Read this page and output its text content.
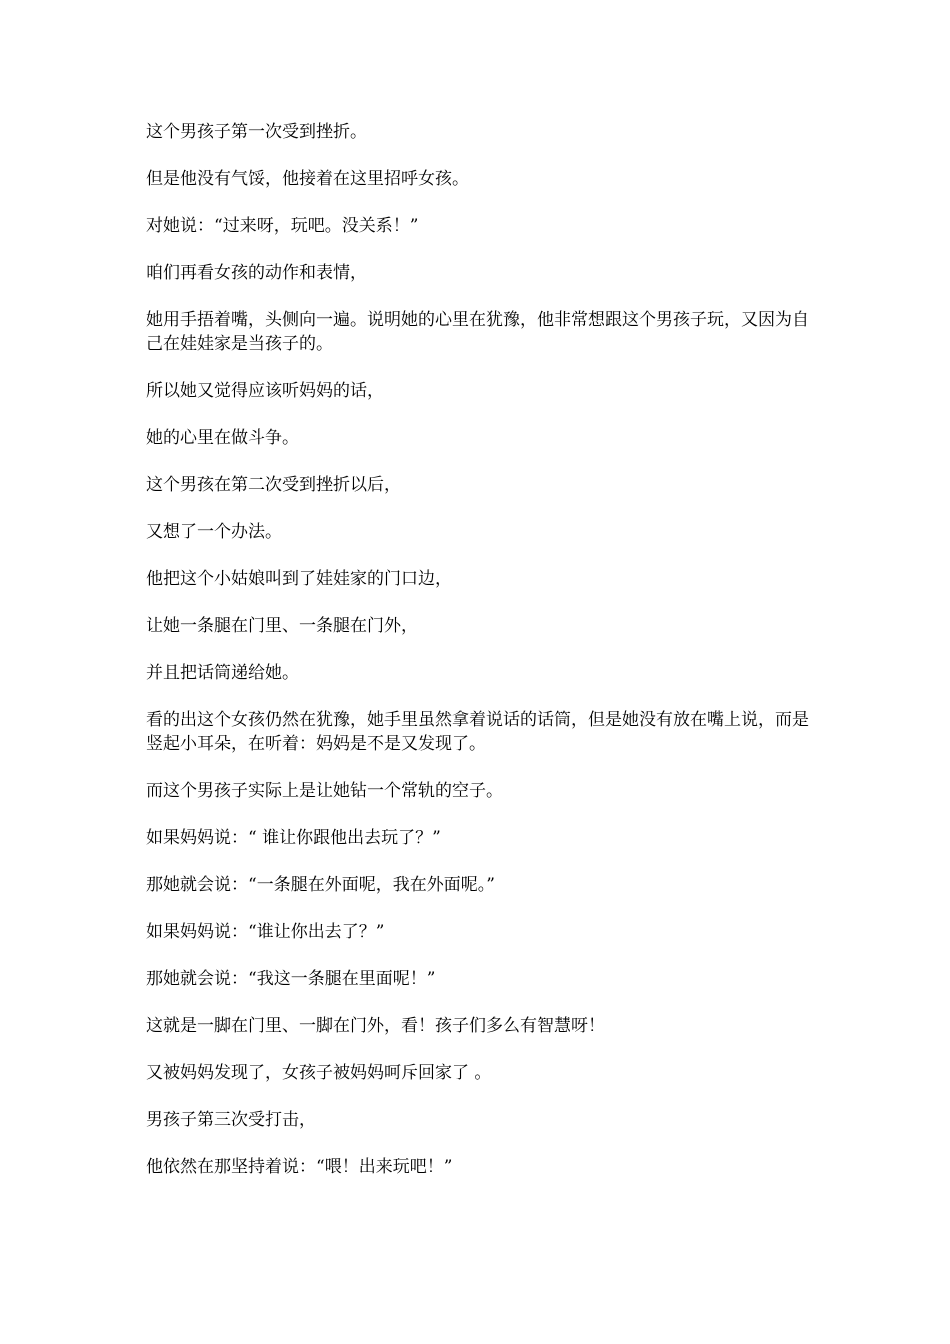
这个男孩子第一次受到挫折。

但是他没有气馁，他接着在这里招呼女孩。

对她说：“过来呀，玩吧。没关系！”

咱们再看女孩的动作和表情，

她用手捂着嘴，头侧向一遍。说明她的心里在犹豫，他非常想跟这个男孩子玩，又因为自己在娃娃家是当孩子的。

所以她又觉得应该听妈妈的话，

她的心里在做斗争。

这个男孩在第二次受到挫折以后，

又想了一个办法。

他把这个小姑娘叫到了娃娃家的门口边，

让她一条腿在门里、一条腿在门外，

并且把话筒递给她。

看的出这个女孩仍然在犹豫，她手里虽然拿着说话的话筒，但是她没有放在嘴上说，而是竖起小耳朵，在听着：妈妈是不是又发现了。

而这个男孩子实际上是让她钻一个常轨的空子。

如果妈妈说：“ 谁让你跟他出去玩了？”

那她就会说：“一条腿在外面呢，我在外面呢。”

如果妈妈说：“谁让你出去了？”

那她就会说：“我这一条腿在里面呢！”

这就是一脚在门里、一脚在门外，看！孩子们多么有智慧呀！

又被妈妈发现了，女孩子被妈妈呵斥回家了 。

男孩子第三次受打击，

他依然在那坚持着说：“喂！出来玩吧！”
